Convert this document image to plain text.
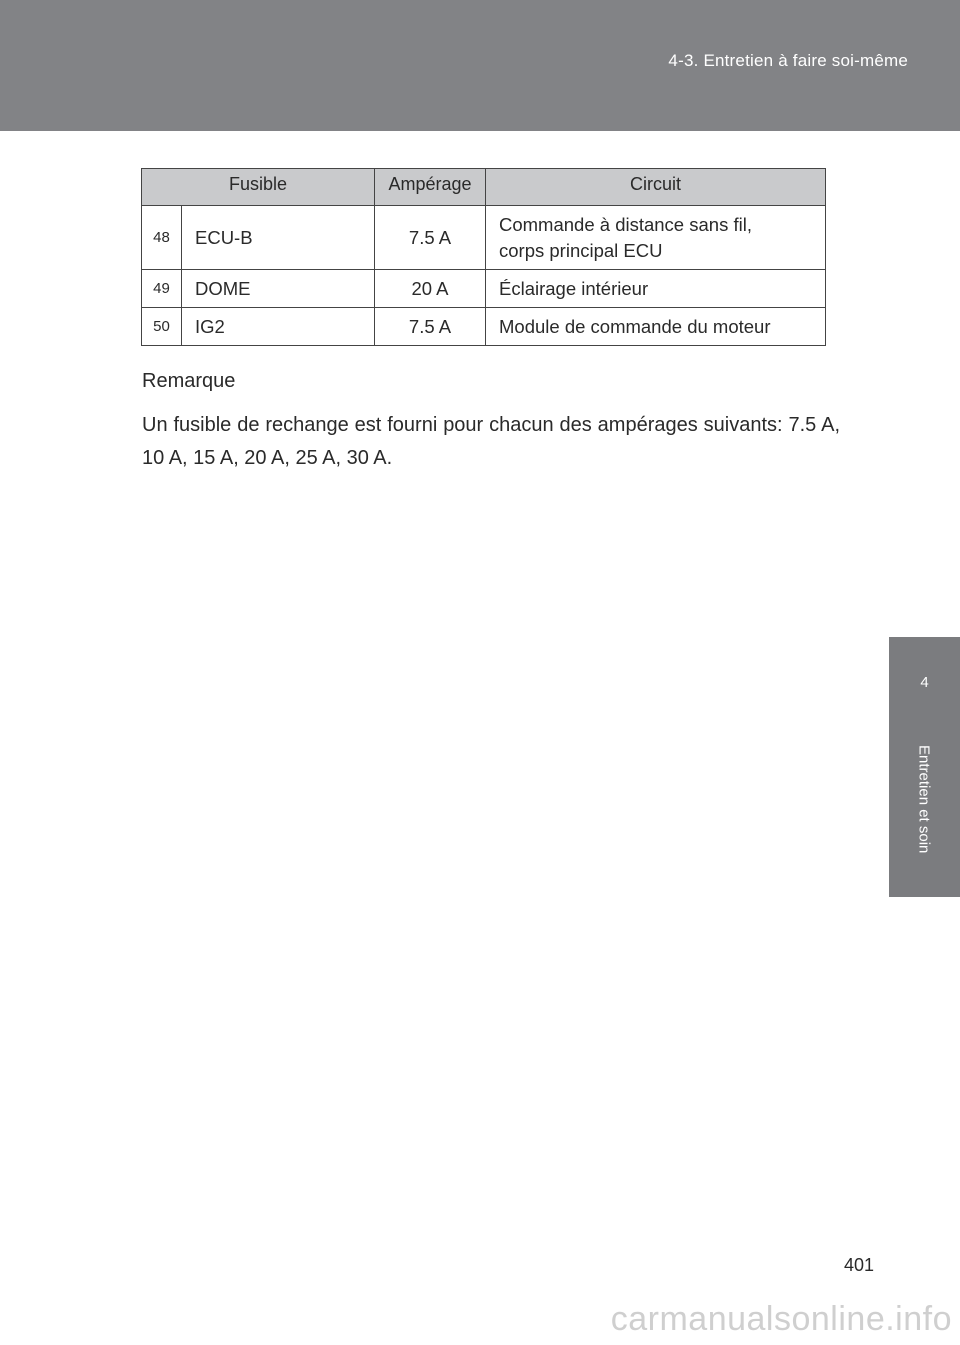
4-3. Entretien à faire soi-même
4
Entretien et soin
Fusible		Ampérage	Circuit
48	ECU-B	7.5 A	Commande à distance sans fil,
corps principal ECU

49	DOME	20 A	Éclairage intérieur
50	IG2	7.5 A	Module de commande du moteur
Remarque

Un fusible de rechange est fourni pour chacun des ampérages suivants: 7.5 A, 10 A, 15 A, 20 A, 25 A, 30 A.

401
carmanualsonline.info
